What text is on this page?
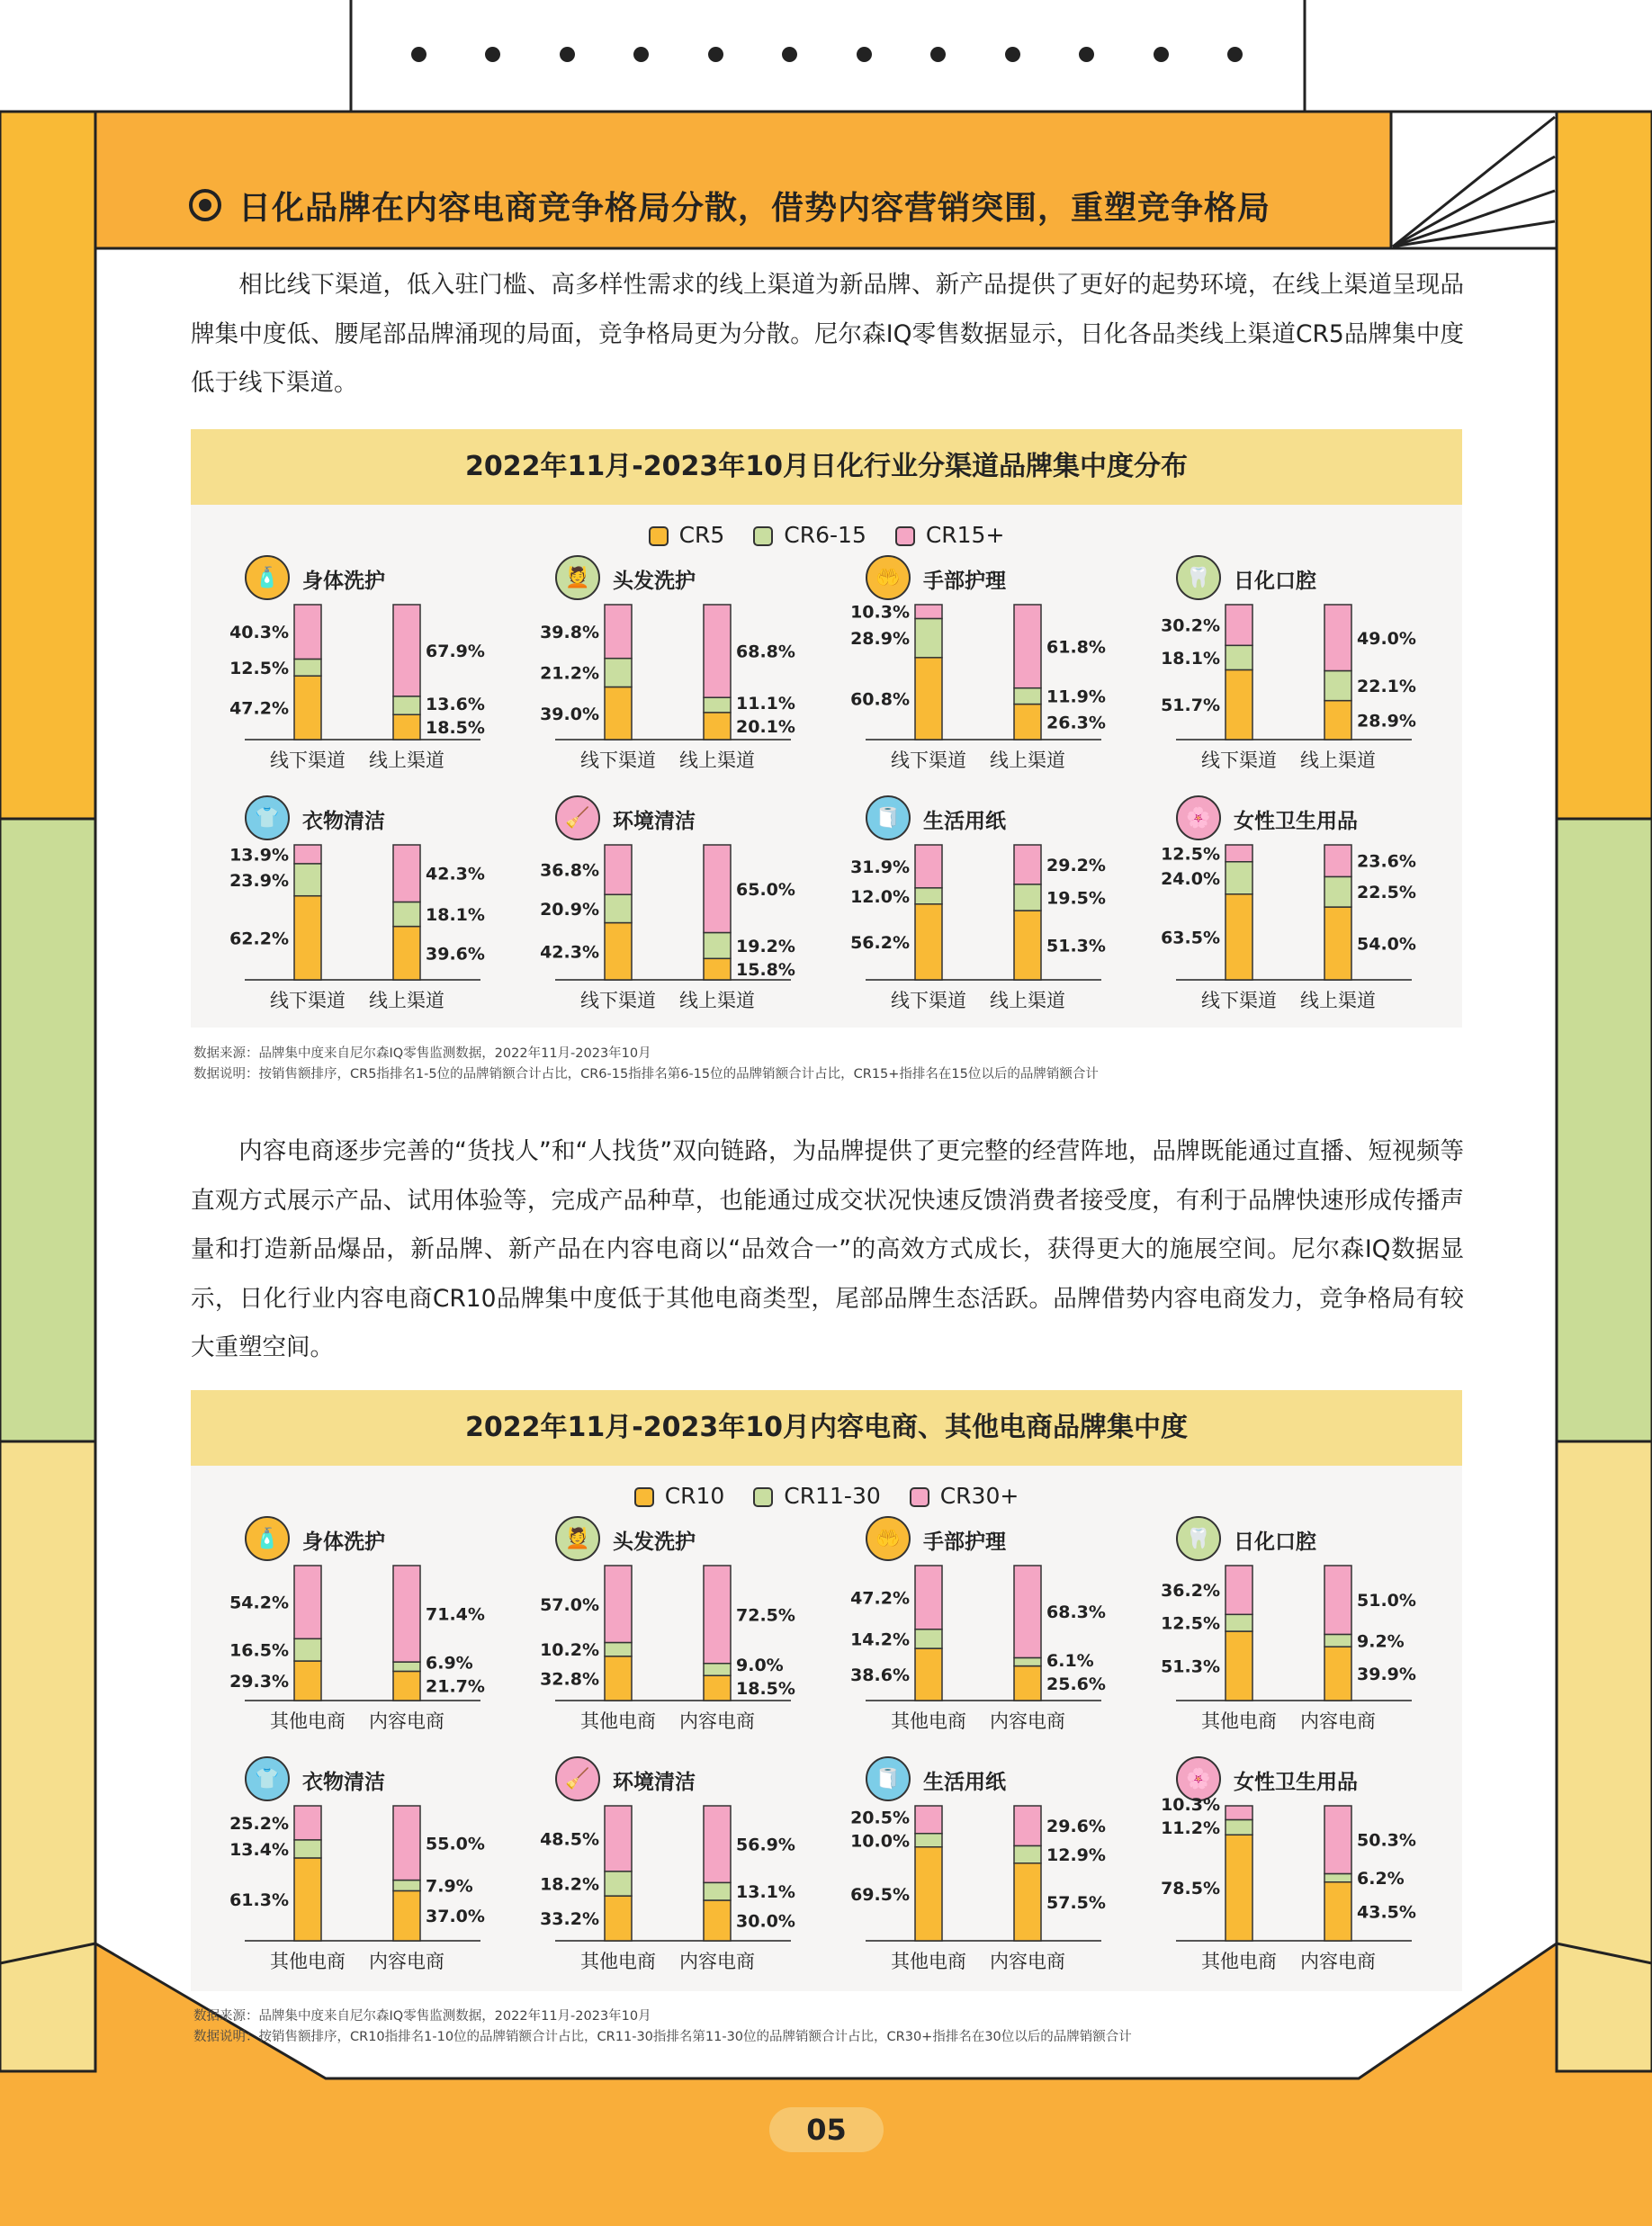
日化品牌在内容电商竞争格局分散，借势内容营销突围，重塑竞争格局

相比线下渠道，低入驻门槛、高多样性需求的线上渠道为新品牌、新产品提供了更好的起势环境，在线上渠道呈现品牌集中度低、腰尾部品牌涌现的局面，竞争格局更为分散。尼尔森IQ零售数据显示，日化各品类线上渠道CR5品牌集中度低于线下渠道。

2022年11月-2023年10月日化行业分渠道品牌集中度分布
CR5	CR6-15	CR15+
🧴	身体洗护
47.2%
12.5%
40.3%
线下渠道
18.5%
13.6%
67.9%
线上渠道
💆	头发洗护
39.0%
21.2%
39.8%
线下渠道
20.1%
11.1%
68.8%
线上渠道
🤲	手部护理
60.8%
28.9%
10.3%
线下渠道
26.3%
11.9%
61.8%
线上渠道
🦷	日化口腔
51.7%
18.1%
30.2%
线下渠道
28.9%
22.1%
49.0%
线上渠道
👕	衣物清洁
62.2%
23.9%
13.9%
线下渠道
39.6%
18.1%
42.3%
线上渠道
🧹	环境清洁
42.3%
20.9%
36.8%
线下渠道
15.8%
19.2%
65.0%
线上渠道
🧻	生活用纸
56.2%
12.0%
31.9%
线下渠道
51.3%
19.5%
29.2%
线上渠道
🌸	女性卫生用品
63.5%
24.0%
12.5%
线下渠道
54.0%
22.5%
23.6%
线上渠道
数据来源：品牌集中度来自尼尔森IQ零售监测数据，2022年11月-2023年10月
数据说明：按销售额排序，CR5指排名1-5位的品牌销额合计占比，CR6-15指排名第6-15位的品牌销额合计占比，CR15+指排名在15位以后的品牌销额合计

内容电商逐步完善的“货找人”和“人找货”双向链路，为品牌提供了更完整的经营阵地，品牌既能通过直播、短视频等直观方式展示产品、试用体验等，完成产品种草，也能通过成交状况快速反馈消费者接受度，有利于品牌快速形成传播声量和打造新品爆品，新品牌、新产品在内容电商以“品效合一”的高效方式成长，获得更大的施展空间。尼尔森IQ数据显示，日化行业内容电商CR10品牌集中度低于其他电商类型，尾部品牌生态活跃。品牌借势内容电商发力，竞争格局有较大重塑空间。

2022年11月-2023年10月内容电商、其他电商品牌集中度
CR10	CR11-30	CR30+
🧴	身体洗护
29.3%
16.5%
54.2%
其他电商
21.7%
6.9%
71.4%
内容电商
💆	头发洗护
32.8%
10.2%
57.0%
其他电商
18.5%
9.0%
72.5%
内容电商
🤲	手部护理
38.6%
14.2%
47.2%
其他电商
25.6%
6.1%
68.3%
内容电商
🦷	日化口腔
51.3%
12.5%
36.2%
其他电商
39.9%
9.2%
51.0%
内容电商
👕	衣物清洁
61.3%
13.4%
25.2%
其他电商
37.0%
7.9%
55.0%
内容电商
🧹	环境清洁
33.2%
18.2%
48.5%
其他电商
30.0%
13.1%
56.9%
内容电商
🧻	生活用纸
69.5%
10.0%
20.5%
其他电商
57.5%
12.9%
29.6%
内容电商
🌸	女性卫生用品
78.5%
11.2%
10.3%
其他电商
43.5%
6.2%
50.3%
内容电商
数据来源：品牌集中度来自尼尔森IQ零售监测数据，2022年11月-2023年10月
数据说明：按销售额排序，CR10指排名1-10位的品牌销额合计占比，CR11-30指排名第11-30位的品牌销额合计占比，CR30+指排名在30位以后的品牌销额合计
05
